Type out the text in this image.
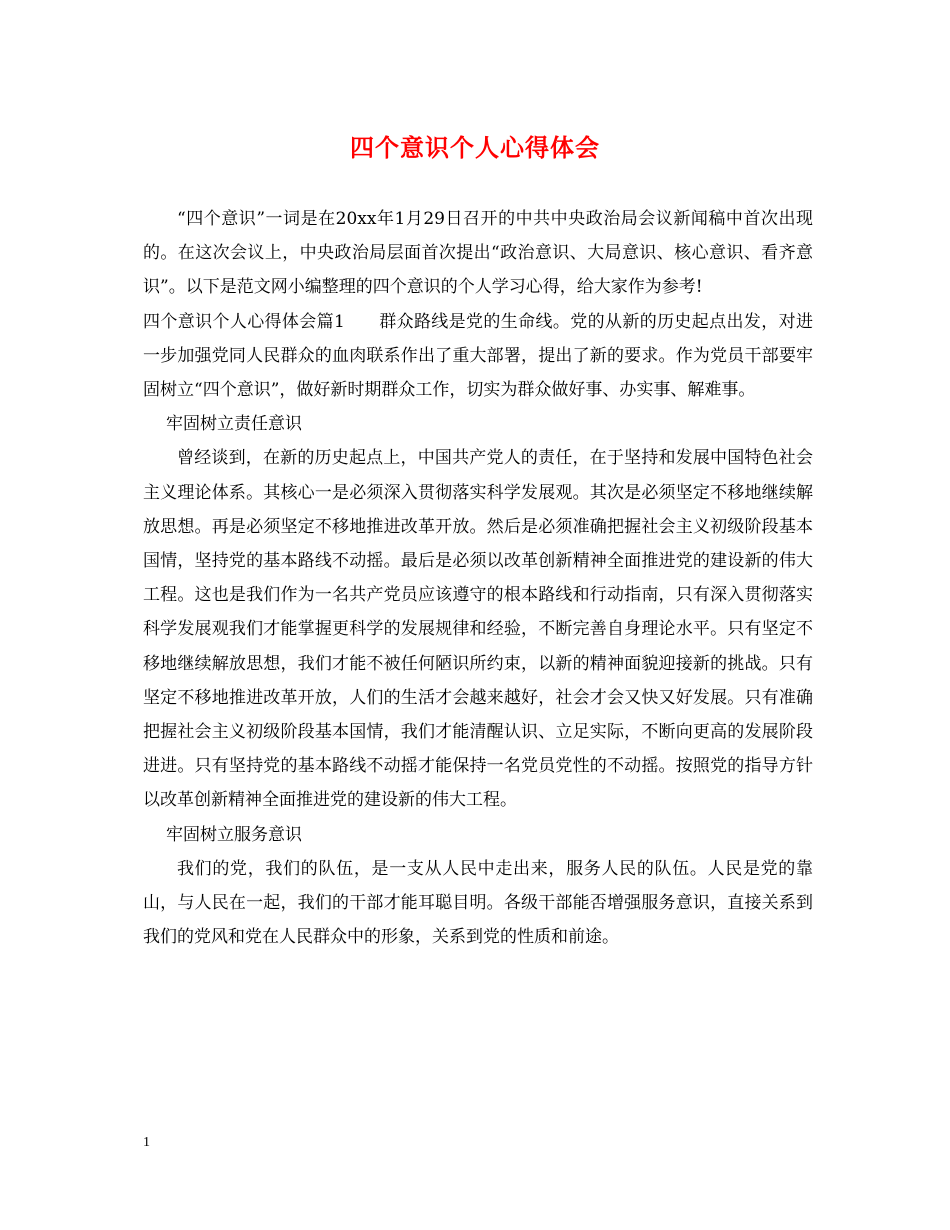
四个意识个人心得体会

“四个意识”一词是在20xx年1月29日召开的中共中央政治局会议新闻稿中首次出现的。在这次会议上，中央政治局层面首次提出“政治意识、大局意识、核心意识、看齐意识”。以下是范文网小编整理的四个意识的个人学习心得，给大家作为参考!

四个意识个人心得体会篇1 群众路线是党的生命线。党的从新的历史起点出发，对进一步加强党同人民群众的血肉联系作出了重大部署，提出了新的要求。作为党员干部要牢固树立“四个意识”，做好新时期群众工作，切实为群众做好事、办实事、解难事。

牢固树立责任意识

曾经谈到，在新的历史起点上，中国共产党人的责任，在于坚持和发展中国特色社会主义理论体系。其核心一是必须深入贯彻落实科学发展观。其次是必须坚定不移地继续解放思想。再是必须坚定不移地推进改革开放。然后是必须准确把握社会主义初级阶段基本国情，坚持党的基本路线不动摇。最后是必须以改革创新精神全面推进党的建设新的伟大工程。这也是我们作为一名共产党员应该遵守的根本路线和行动指南，只有深入贯彻落实科学发展观我们才能掌握更科学的发展规律和经验，不断完善自身理论水平。只有坚定不移地继续解放思想，我们才能不被任何陋识所约束，以新的精神面貌迎接新的挑战。只有坚定不移地推进改革开放，人们的生活才会越来越好，社会才会又快又好发展。只有准确把握社会主义初级阶段基本国情，我们才能清醒认识、立足实际，不断向更高的发展阶段进进。只有坚持党的基本路线不动摇才能保持一名党员党性的不动摇。按照党的指导方针以改革创新精神全面推进党的建设新的伟大工程。

牢固树立服务意识

我们的党，我们的队伍，是一支从人民中走出来，服务人民的队伍。人民是党的靠山，与人民在一起，我们的干部才能耳聪目明。各级干部能否增强服务意识，直接关系到我们的党风和党在人民群众中的形象，关系到党的性质和前途。

1
